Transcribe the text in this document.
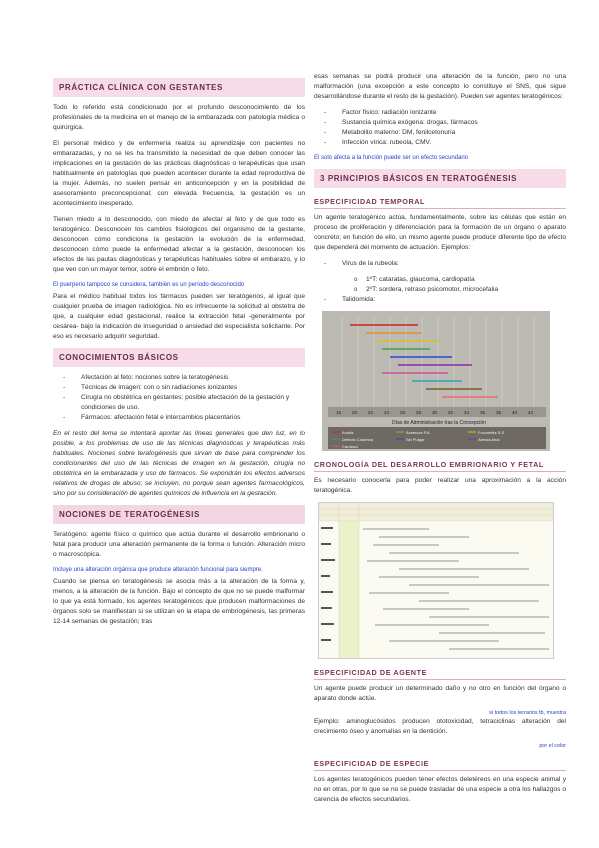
PRÁCTICA CLÍNICA CON GESTANTES

Todo lo referido está condicionado por el profundo desconocimiento de los profesionales de la medicina en el manejo de la embarazada con patología médica o quirúrgica.

El personal médico y de enfermería realiza su aprendizaje con pacientes no embarazadas, y no se les ha transmitido la necesidad de que deben conocer las implicaciones en la gestación de las prácticas diagnósticas o terapéuticas que usan habitualmente en patologías que pueden acontecer durante la edad reproductiva de la mujer. Además, no suelen pensar en anticoncepción y en la posibilidad de asesoramiento preconcepcional; con elevada frecuencia, la gestación es un acontecimiento inesperado.

Tienen miedo a lo desconocido, con miedo de afectar al feto y de que todo es teratogénico. Desconocen los cambios fisiológicos del organismo de la gestante, desconocen cómo condiciona la gestación la evolución de la enfermedad, desconocen cómo puede la enfermedad afectar a la gestación, desconocen los efectos de las pautas diagnósticas y terapéuticas habituales sobre el embarazo, y lo que ven con un mayor temor, sobre el embrión o feto.

El puerperio tampoco se considera, también es un período desconocido

Para el médico habitual todos los fármacos pueden ser teratógenos, al igual que cualquier prueba de imagen radiológica. No es infrecuente la solicitud al obstetra de que, a cualquier edad gestacional, realice la extracción fetal -generalmente por cesárea- bajo la indicación de inseguridad o ansiedad del especialista solicitante. Por eso es necesario adquirir seguridad.

CONOCIMIENTOS BÁSICOS
- Afectación al feto: nociones sobre la teratogénesis
- Técnicas de imagen: con o sin radiaciones ionizantes
- Cirugía no obstétrica en gestantes: posible afectación de la gestación y condiciones de uso.
- Fármacos: afectación fetal e intercambios placentarios

En el resto del tema se intentará aportar las líneas generales que den luz, en lo posible, a los problemas de uso de las técnicas diagnósticas y terapéuticas más habituales. Nociones sobre teratogénesis que sirvan de base para comprender los condicionantes del uso de las técnicas de imagen en la gestación, cirugía no obstétrica en la embarazada y uso de fármacos. Se expondrán los efectos adversos relativos de drogas de abuso; se incluyen, no porque sean agentes farmacológicos, sino por su consideración de agentes químicos de influencia en la gestación.

NOCIONES DE TERATOGÉNESIS

Teratógeno: agente físico o químico que actúa durante el desarrollo embrionario o fetal para producir una alteración permanente de la forma o función. Alteración micro o macroscópica.

Incluye una alteración orgánica que produce alteración funcional para siempre.

Cuando se piensa en teratogénesis se asocia más a la alteración de la forma y, menos, a la alteración de la función. Bajo el concepto de que no se puede malformar lo que ya está formado, los agentes teratogénicos que producen malformaciones de órganos solo se manifiestan si se utilizan en la etapa de embriogénesis, las primeras 12-14 semanas de gestación; tras

esas semanas se podrá producir una alteración de la función, pero no una malformación (una excepción a este concepto lo constituye el SNS, que sigue desarrollándose durante el resto de la gestación). Pueden ser agentes teratogénicos:

- Factor físico: radiación ionizante
- Sustancia química exógena: drogas, fármacos
- Metabolito materno: DM, fenilcetonuria
- Infección vírica: rubeola, CMV.
El solo afecta a la función puede ser un efecto secundario
3 PRINCIPIOS BÁSICOS EN TERATOGÉNESIS
ESPECIFICIDAD TEMPORAL

Un agente teratogénico actúa, fundamentalmente, sobre las células que están en proceso de proliferación y diferenciación para la formación de un órgano o aparato concreto; en función de ello, un mismo agente puede producir diferente tipo de efecto que dependerá del momento de actuación. Ejemplos:

- Virus de la rubeola:
o 1ºT: cataratas, glaucoma, cardiopatía
o 2ºT: sordera, retraso psicomotor, microcefalia
- Talidomida:
16 20 22 24 26 28 30 32 34 36 38 40 42
Días de Administración tras la Concepción
Anotia	Ausencia P.A.	Focomelia S.S.
Defecto Columna	Sin Pulgar	Atresia Anal
Cardiaco
CRONOLOGÍA DEL DESARROLLO EMBRIONARIO Y FETAL

Es necesario conocerla para poder realizar una aproximación a la acción teratogénica.

ESPECIFICIDAD DE AGENTE

Un agente puede producir un determinado daño y no otro en función del órgano o aparato donde actúe.

si todos los terrarios tb, muestra

Ejemplo: aminoglucósidos producen ototoxicidad, tetraciclinas alteración del crecimiento óseo y anomalías en la dentición.

por el color
ESPECIFICIDAD DE ESPECIE

Los agentes teratogénicos pueden tener efectos deletéreos en una especie animal y no en otras, por lo que se no se puede trasladar de una especie a otra los hallazgos o carencia de efectos secundarios.
